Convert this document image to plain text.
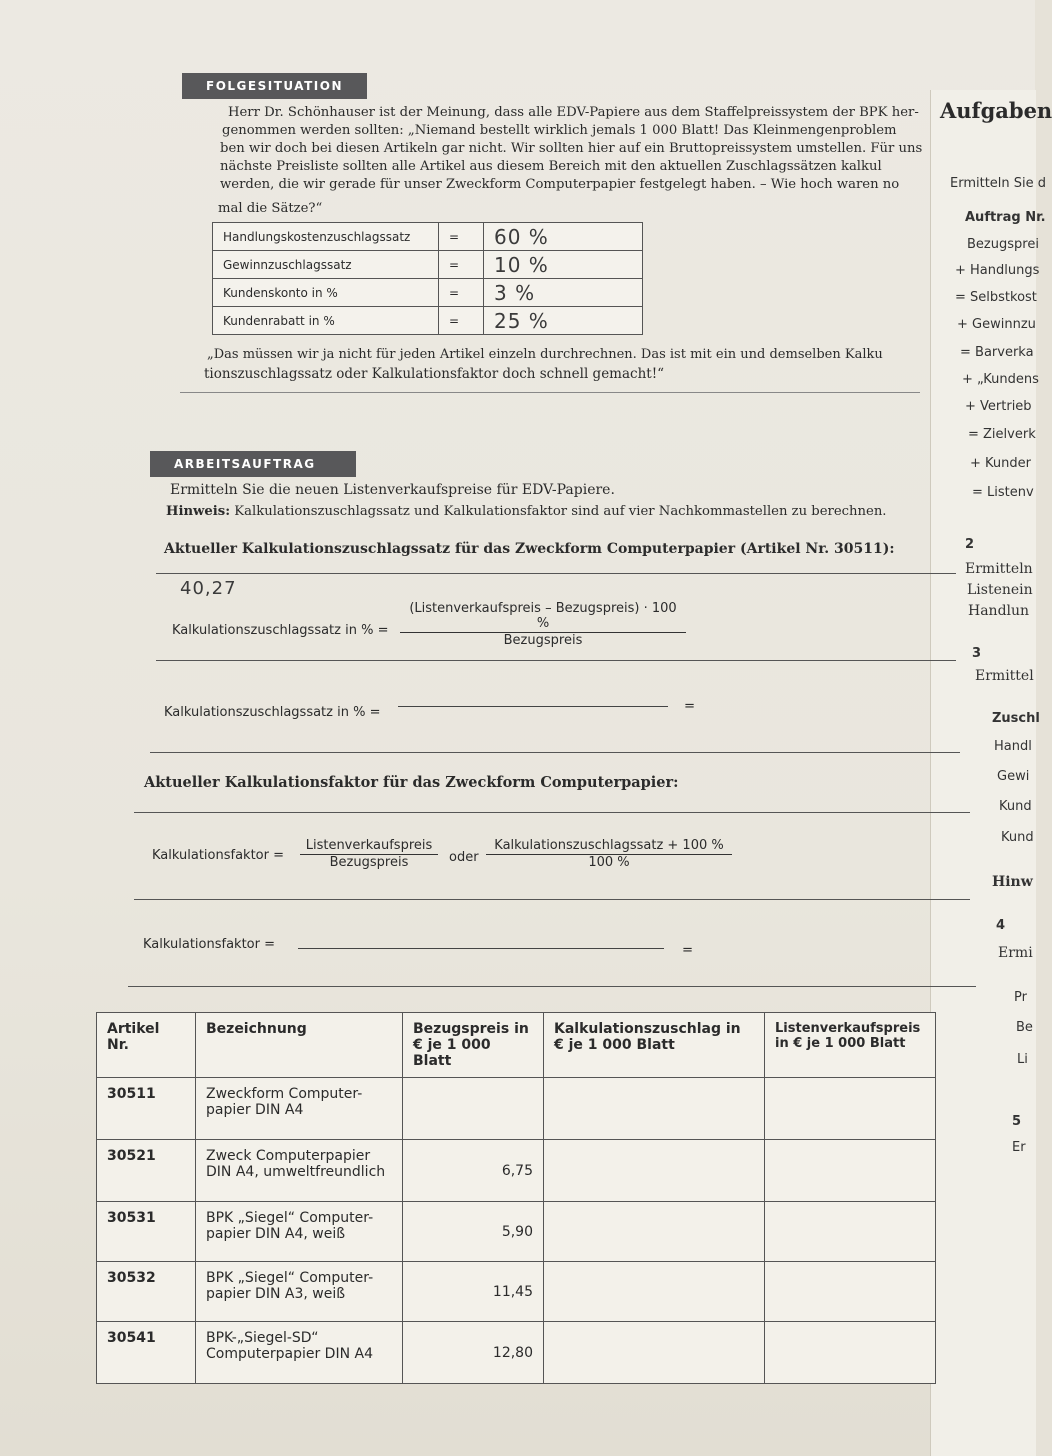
FOLGESITUATION
Herr Dr. Schönhauser ist der Meinung, dass alle EDV-Papiere aus dem Staffelpreissystem der BPK her-
genommen werden sollten: „Niemand bestellt wirklich jemals 1 000 Blatt! Das Kleinmengenproblem
ben wir doch bei diesen Artikeln gar nicht. Wir sollten hier auf ein Bruttopreissystem umstellen. Für uns
nächste Preisliste sollten alle Artikel aus diesem Bereich mit den aktuellen Zuschlagssätzen kalkul
werden, die wir gerade für unser Zweckform Computerpapier festgelegt haben. – Wie hoch waren no
mal die Sätze?“
Handlungskostenzuschlagssatz	=	60 %
Gewinnzuschlagssatz	=	10 %
Kundenskonto in %	=	3 %
Kundenrabatt in %	=	25 %
„Das müssen wir ja nicht für jeden Artikel einzeln durchrechnen. Das ist mit ein und demselben Kalku
tionszuschlagssatz oder Kalkulationsfaktor doch schnell gemacht!“
ARBEITSAUFTRAG
Ermitteln Sie die neuen Listenverkaufspreise für EDV-Papiere.
Hinweis: Kalkulationszuschlagssatz und Kalkulationsfaktor sind auf vier Nachkommastellen zu berechnen.
Aktueller Kalkulationszuschlagssatz für das Zweckform Computerpapier (Artikel Nr. 30511):
40,27
Kalkulationszuschlagssatz in % =
(Listenverkaufspreis – Bezugspreis) · 100 %
Bezugspreis
Kalkulationszuschlagssatz in % =	=
Aktueller Kalkulationsfaktor für das Zweckform Computerpapier:
Kalkulationsfaktor =
Listenverkaufspreis
Bezugspreis	oder
Kalkulationszuschlagssatz + 100 %
100 %
Kalkulationsfaktor =	=
Artikel Nr.	Bezeichnung	Bezugspreis in € je 1 000 Blatt	Kalkulationszuschlag in € je 1 000 Blatt	Listenverkaufspreis in € je 1 000 Blatt
30511	Zweckform Computer-papier DIN A4			
30521	Zweck Computerpapier DIN A4, umweltfreundlich	6,75		
30531	BPK „Siegel“ Computer-papier DIN A4, weiß	5,90		
30532	BPK „Siegel“ Computer-papier DIN A3, weiß	11,45		
30541	BPK-„Siegel-SD“ Computerpapier DIN A4	12,80		
Aufgaben
Ermitteln Sie d
Auftrag Nr.
Bezugsprei
+ Handlungs
= Selbstkost
+ Gewinnzu
= Barverka
+ „Kundens
+ Vertrieb
= Zielverk
+ Kunder
= Listenv
2
Ermitteln
Listenein
Handlun
3
Ermittel
Zuschl
Handl
Gewi
Kund
Kund
Hinw
4
Ermi
Pr
Be
Li
5
Er
